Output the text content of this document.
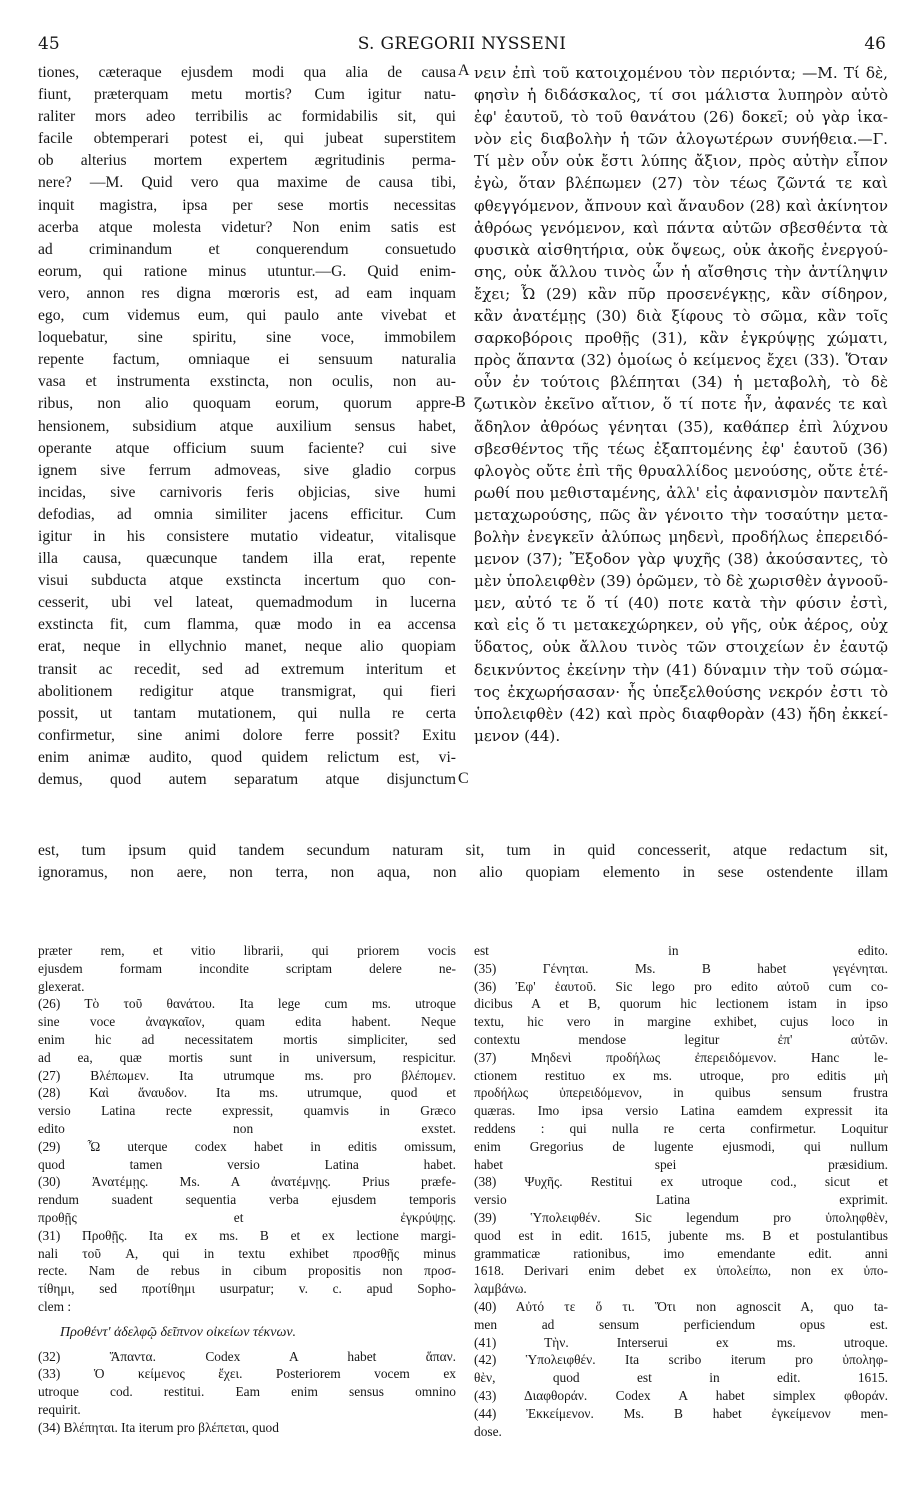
45	S. GREGORII NYSSENI	46
tiones, cæteraque ejusdem modi qua alia de causa
fiunt, præterquam metu mortis? Cum igitur natu-
raliter mors adeo terribilis ac formidabilis sit, qui
facile obtemperari potest ei, qui jubeat superstitem
ob alterius mortem expertem ægritudinis perma-
nere? —M. Quid vero qua maxime de causa tibi,
inquit magistra, ipsa per sese mortis necessitas
acerba atque molesta videtur? Non enim satis est
ad criminandum et conquerendum consuetudo
eorum, qui ratione minus utuntur.—G. Quid enim-
vero, annon res digna mœroris est, ad eam inquam
ego, cum videmus eum, qui paulo ante vivebat et
loquebatur, sine spiritu, sine voce, immobilem
repente factum, omniaque ei sensuum naturalia
vasa et instrumenta exstincta, non oculis, non au-
ribus, non alio quoquam eorum, quorum appre-
hensionem, subsidium atque auxilium sensus habet,
operante atque officium suum faciente? cui sive
ignem sive ferrum admoveas, sive gladio corpus
incidas, sive carnivoris feris objicias, sive humi
defodias, ad omnia similiter jacens efficitur. Cum
igitur in his consistere mutatio videatur, vitalisque
illa causa, quæcunque tandem illa erat, repente
visui subducta atque exstincta incertum quo con-
cesserit, ubi vel lateat, quemadmodum in lucerna
exstincta fit, cum flamma, quæ modo in ea accensa
erat, neque in ellychnio manet, neque alio quopiam
transit ac recedit, sed ad extremum interitum et
abolitionem redigitur atque transmigrat, qui fieri
possit, ut tantam mutationem, qui nulla re certa
confirmetur, sine animi dolore ferre possit? Exitu
enim animæ audito, quod quidem relictum est, vi-
demus, quod autem separatum atque disjunctum
νειν ἐπὶ τοῦ κατοιχομένου τὸν περιόντα; —M. Τί δὲ,
φησὶν ἡ διδάσκαλος, τί σοι μάλιστα λυπηρὸν αὐτὸ
ἐφ' ἑαυτοῦ, τὸ τοῦ θανάτου (26) δοκεῖ; οὐ γὰρ ἱκα-
νὸν εἰς διαβολὴν ἡ τῶν ἀλογωτέρων συνήθεια.—Γ.
Τί μὲν οὖν οὐκ ἔστι λύπης ἄξιον, πρὸς αὐτὴν εἶπον
ἐγὼ, ὅταν βλέπωμεν (27) τὸν τέως ζῶντά τε καὶ
φθεγγόμενον, ἄπνουν καὶ ἄναυδον (28) καὶ ἀκίνητον
ἀθρόως γενόμενον, καὶ πάντα αὐτῶν σβεσθέντα τὰ
φυσικὰ αἰσθητήρια, οὐκ ὄψεως, οὐκ ἀκοῆς ἐνεργού-
σης, οὐκ ἄλλου τινὸς ὧν ἡ αἴσθησις τὴν ἀντίληψιν
ἔχει; Ὦ (29) κἂν πῦρ προσενέγκῃς, κἂν σίδηρον,
κἂν ἀνατέμῃς (30) διὰ ξίφους τὸ σῶμα, κἂν τοῖς
σαρκοβόροις προθῇς (31), κἂν ἐγκρύψῃς χώματι,
πρὸς ἅπαντα (32) ὁμοίως ὁ κείμενος ἔχει (33). Ὅταν
οὖν ἐν τούτοις βλέπηται (34) ἡ μεταβολὴ, τὸ δὲ
ζωτικὸν ἐκεῖνο αἴτιον, ὅ τί ποτε ἦν, ἀφανές τε καὶ
ἄδηλον ἀθρόως γένηται (35), καθάπερ ἐπὶ λύχνου
σβεσθέντος τῆς τέως ἐξαπτομένης ἐφ' ἑαυτοῦ (36)
φλογὸς οὔτε ἐπὶ τῆς θρυαλλίδος μενούσης, οὔτε ἑτέ-
ρωθί που μεθισταμένης, ἀλλ' εἰς ἀφανισμὸν παντελῆ
μεταχωρούσης, πῶς ἂν γένοιτο τὴν τοσαύτην μετα-
βολὴν ἐνεγκεῖν ἀλύπως μηδενὶ, προδήλως ἐπερειδό-
μενον (37); Ἔξοδον γὰρ ψυχῆς (38) ἀκούσαντες, τὸ
μὲν ὑπολειφθὲν (39) ὁρῶμεν, τὸ δὲ χωρισθὲν ἀγνοοῦ-
μεν, αὐτό τε ὅ τί (40) ποτε κατὰ τὴν φύσιν ἐστὶ,
καὶ εἰς ὅ τι μετακεχώρηκεν, οὐ γῆς, οὐκ ἀέρος, οὐχ
ὕδατος, οὐκ ἄλλου τινὸς τῶν στοιχείων ἐν ἑαυτῷ
δεικνύντος ἐκείνην τὴν (41) δύναμιν τὴν τοῦ σώμα-
τος ἐκχωρήσασαν· ἧς ὑπεξελθούσης νεκρόν ἐστι τὸ
ὑπολειφθὲν (42) καὶ πρὸς διαφθορὰν (43) ἤδη ἐκκεί-
μενον (44).
A
B
C
est, tum ipsum quid tandem secundum naturam sit, tum in quid concesserit, atque redactum sit,
ignoramus, non aere, non terra, non aqua, non alio quopiam elemento in sese ostendente illam
præter rem, et vitio librarii, qui priorem vocis
ejusdem formam incondite scriptam delere ne-
glexerat.
(26) Τὸ τοῦ θανάτου. Ita lege cum ms. utroque
sine voce ἀναγκαῖον, quam edita habent. Neque
enim hic ad necessitatem mortis simpliciter, sed
ad ea, quæ mortis sunt in universum, respicitur.
(27) Βλέπωμεν. Ita utrumque ms. pro βλέπομεν.
(28) Καὶ ἄναυδον. Ita ms. utrumque, quod et
versio Latina recte expressit, quamvis in Græco
edito non exstet.
(29) Ὦ uterque codex habet in editis omissum,
quod tamen versio Latina habet.
(30) Ἀνατέμῃς. Ms. A ἀνατέμνῃς. Prius præfe-
rendum suadent sequentia verba ejusdem temporis
προθῇς et ἐγκρύψῃς.
(31) Προθῇς. Ita ex ms. B et ex lectione margi-
nali τοῦ A, qui in textu exhibet προσθῇς minus
recte. Nam de rebus in cibum propositis non προσ-
τίθημι, sed προτίθημι usurpatur; v. c. apud Sopho-
clem :
Προθέντ' ἀδελφῷ δεῖπνον οἰκείων τέκνων.
(32) Ἅπαντα. Codex A habet ἅπαν.
(33) Ὁ κείμενος ἔχει. Posteriorem vocem ex
utroque cod. restitui. Eam enim sensus omnino
requirit.
(34) Βλέπηται. Ita iterum pro βλέπεται, quod
est in edito.
(35) Γένηται. Ms. B habet γεγένηται.
(36) Ἐφ' ἑαυτοῦ. Sic lego pro edito αὐτοῦ cum co-
dicibus A et B, quorum hic lectionem istam in ipso
textu, hic vero in margine exhibet, cujus loco in
contextu mendose legitur ἐπ' αὐτῶν.
(37) Μηδενὶ προδήλως ἐπερειδόμενον. Hanc le-
ctionem restituo ex ms. utroque, pro editis μὴ
προδήλως ὑπερειδόμενον, in quibus sensum frustra
quæras. Imo ipsa versio Latina eamdem expressit ita
reddens : qui nulla re certa confirmetur. Loquitur
enim Gregorius de lugente ejusmodi, qui nullum
habet spei præsidium.
(38) Ψυχῆς. Restitui ex utroque cod., sicut et
versio Latina exprimit.
(39) Ὑπολειφθέν. Sic legendum pro ὑποληφθὲν,
quod est in edit. 1615, jubente ms. B et postulantibus
grammaticæ rationibus, imo emendante edit. anni
1618. Derivari enim debet ex ὑπολείπω, non ex ὑπο-
λαμβάνω.
(40) Αὐτό τε ὅ τι. Ὅτι non agnoscit A, quo ta-
men ad sensum perficiendum opus est.
(41) Τὴν. Interserui ex ms. utroque.
(42) Ὑπολειφθέν. Ita scribo iterum pro ὑποληφ-
θὲν, quod est in edit. 1615.
(43) Διαφθοράν. Codex A habet simplex φθοράν.
(44) Ἐκκείμενον. Ms. B habet ἐγκείμενον men-
dose.
